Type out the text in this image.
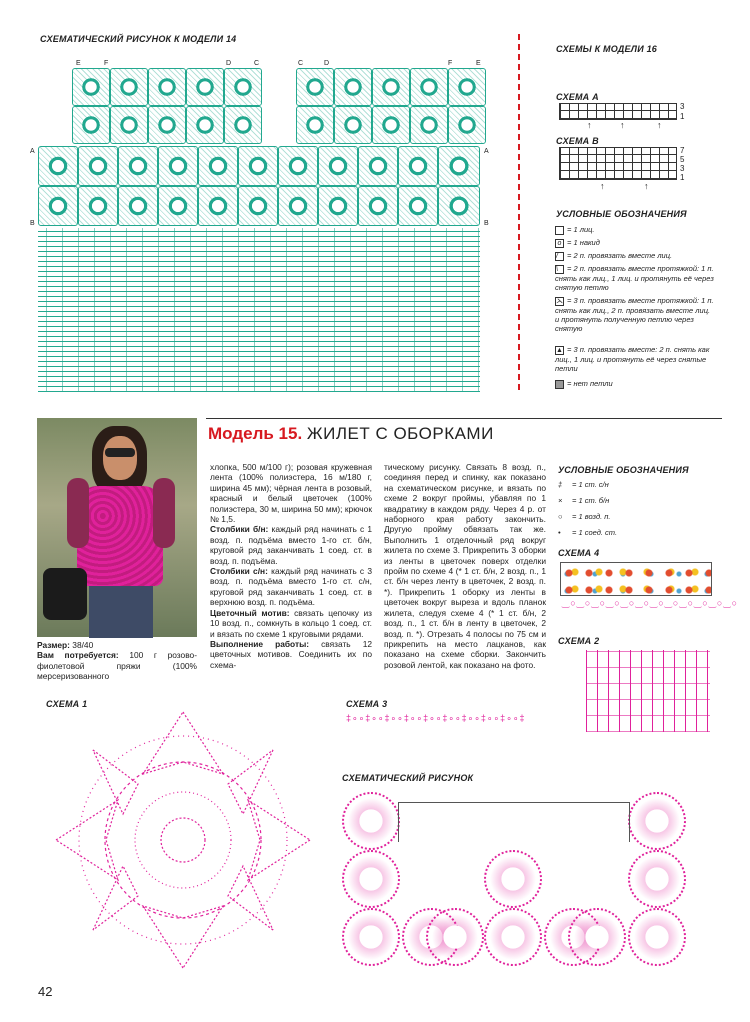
СХЕМАТИЧЕСКИЙ РИСУНОК К МОДЕЛИ 14
A
B
A
B
E	F	D	C	C	D	F	E
СХЕМЫ К МОДЕЛИ 16
СХЕМА А
3
1
↑	↑	↑
СХЕМА В
7
5
3
1
↑	↑
УСЛОВНЫЕ ОБОЗНАЧЕНИЯ
= 1 лиц.
o = 1 накид
/ = 2 п. провязать вместе лиц.
\ = 2 п. провязать вместе протяжкой: 1 п. снять как лиц., 1 лиц. и протянуть её через снятую петлю
⋋ = 3 п. провязать вместе протяжкой: 1 п. снять как лиц., 2 п. провязать вместе лиц. и протянуть полученную петлю через снятую
▲ = 3 п. провязать вместе: 2 п. снять как лиц., 1 лиц. и протянуть её через снятые петли
= нет петли
Модель 15. ЖИЛЕТ С ОБОРКАМИ
Размер: 38/40
Вам потребуется: 100 г розово-фиолетовой пряжи (100% мерсеризованного
хлопка, 500 м/100 г); розовая кружевная лента (100% полиэстера, 16 м/180 г, ширина 45 мм); чёрная лента в розовый, красный и белый цветочек (100% полиэстера, 30 м, ширина 50 мм); крючок № 1,5.
Столбики б/н: каждый ряд начинать с 1 возд. п. подъёма вместо 1-го ст. б/н, круговой ряд заканчивать 1 соед. ст. в возд. п. подъёма.
Столбики с/н: каждый ряд начинать с 3 возд. п. подъёма вместо 1-го ст. с/н, круговой ряд заканчивать 1 соед. ст. в верхнюю возд. п. подъёма.
Цветочный мотив: связать цепочку из 10 возд. п., сомкнуть в кольцо 1 соед. ст. и вязать по схеме 1 круговыми рядами.
Выполнение работы: связать 12 цветочных мотивов. Соединить их по схема-
тическому рисунку. Связать 8 возд. п., соединяя перед и спинку, как показано на схематическом рисунке, и вязать по схеме 2 вокруг проймы, убавляя по 1 квадратику в каждом ряду. Через 4 р. от наборного края работу закончить. Другую пройму обвязать так же. Выполнить 1 отделочный ряд вокруг жилета по схеме 3. Прикрепить 3 оборки из ленты в цветочек поверх отделки пройм по схеме 4 (* 1 ст. б/н, 2 возд. п., 1 ст. б/н через ленту в цветочек, 2 возд. п. *). Прикрепить 1 оборку из ленты в цветочек вокруг выреза и вдоль планок жилета, следуя схеме 4 (* 1 ст. б/н, 2 возд. п., 1 ст. б/н в ленту в цветочек, 2 возд. п. *). Отрезать 4 полосы по 75 см и прикрепить на место лацканов, как показано на схеме сборки. Закончить розовой лентой, как показано на фото.
УСЛОВНЫЕ ОБОЗНАЧЕНИЯ
‡ = 1 ст. с/н
× = 1 ст. б/н
○ = 1 возд. п.
• = 1 соед. ст.
СХЕМА 4
‿○‿○‿○‿○‿○‿○‿○‿○‿○‿○‿○‿○
СХЕМА 2
СХЕМА 1	СХЕМА 3
‡∘∘‡∘∘‡∘∘‡∘∘‡∘∘‡∘∘‡∘∘‡∘∘‡∘∘‡
СХЕМАТИЧЕСКИЙ РИСУНОК
42
